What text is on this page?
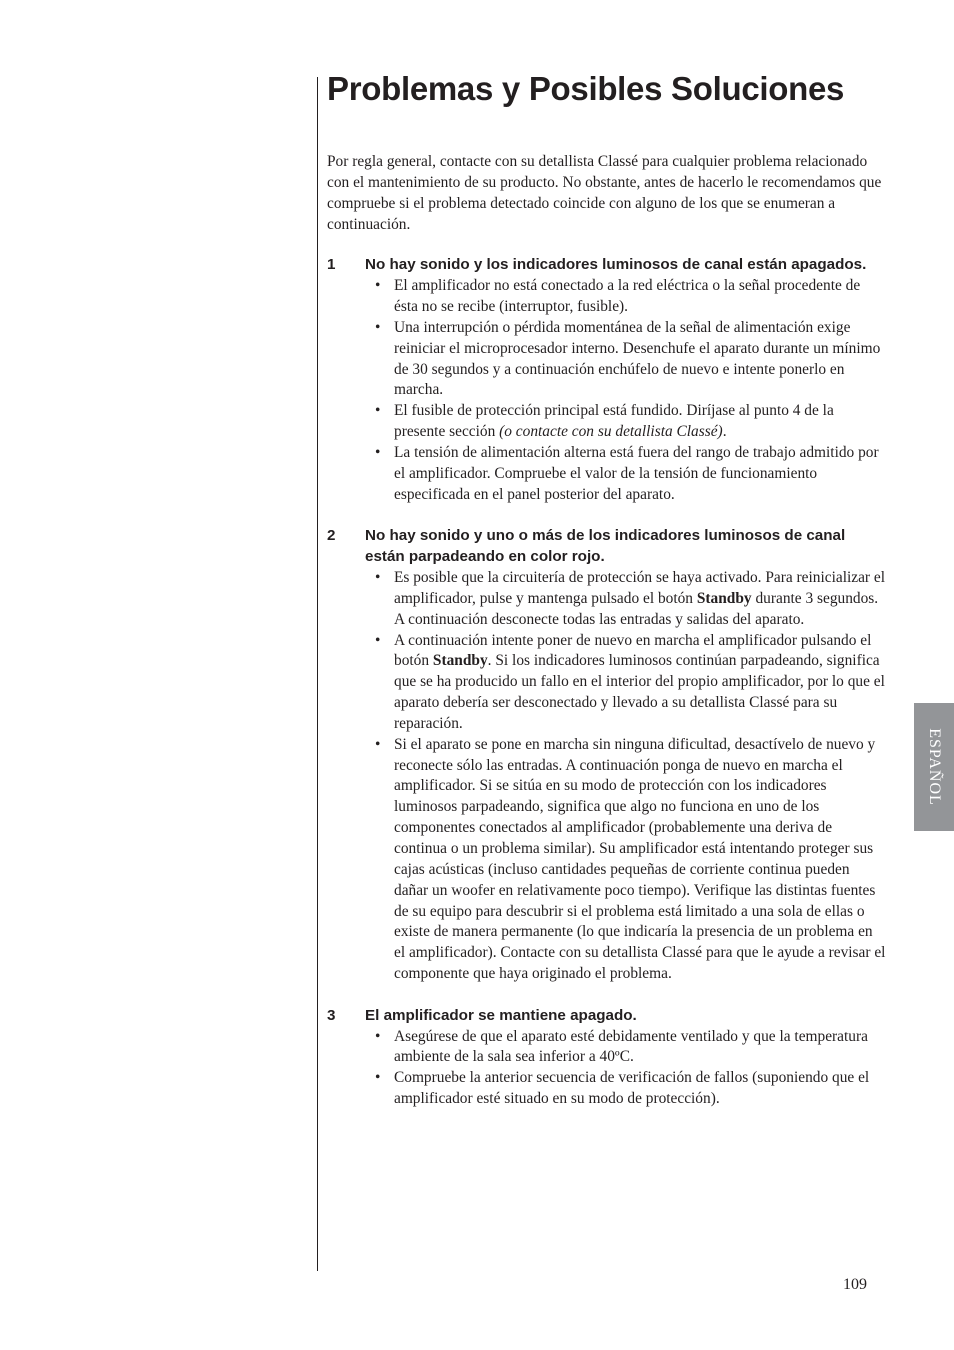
Problemas y Posibles Soluciones

Por regla general, contacte con su detallista Classé para cualquier problema relacionado con el mantenimiento de su producto. No obstante, antes de hacerlo le recomendamos que compruebe si el problema detectado coincide con alguno de los que se enumeran a continuación.

1	No hay sonido y los indicadores luminosos de canal están apagados.
• El amplificador no está conectado a la red eléctrica o la señal procedente de ésta no se recibe (interruptor, fusible).
• Una interrupción o pérdida momentánea de la señal de alimentación exige reiniciar el microprocesador interno. Desenchufe el aparato durante un mínimo de 30 segundos y a continuación enchúfelo de nuevo e intente ponerlo en marcha.
• El fusible de protección principal está fundido. Diríjase al punto 4 de la presente sección (o contacte con su detallista Classé).
• La tensión de alimentación alterna está fuera del rango de trabajo admitido por el amplificador. Compruebe el valor de la tensión de funcionamiento especificada en el panel posterior del aparato.
2	No hay sonido y uno o más de los indicadores luminosos de canal están parpadeando en color rojo.
• Es posible que la circuitería de protección se haya activado. Para reinicializar el amplificador, pulse y mantenga pulsado el botón Standby durante 3 segundos. A continuación desconecte todas las entradas y salidas del aparato.
• A continuación intente poner de nuevo en marcha el amplificador pulsando el botón Standby. Si los indicadores luminosos continúan parpadeando, significa que se ha producido un fallo en el interior del propio amplificador, por lo que el aparato debería ser desconectado y llevado a su detallista Classé para su reparación.
• Si el aparato se pone en marcha sin ninguna dificultad, desactívelo de nuevo y reconecte sólo las entradas. A continuación ponga de nuevo en marcha el amplificador. Si se sitúa en su modo de protección con los indicadores luminosos parpadeando, significa que algo no funciona en uno de los componentes conectados al amplificador (probablemente una deriva de continua o un problema similar). Su amplificador está intentando proteger sus cajas acústicas (incluso cantidades pequeñas de corriente continua pueden dañar un woofer en relativamente poco tiempo). Verifique las distintas fuentes de su equipo para descubrir si el problema está limitado a una sola de ellas o existe de manera permanente (lo que indicaría la presencia de un problema en el amplificador). Contacte con su detallista Classé para que le ayude a revisar el componente que haya originado el problema.
3	El amplificador se mantiene apagado.
• Asegúrese de que el aparato esté debidamente ventilado y que la temperatura ambiente de la sala sea inferior a 40ºC.
• Compruebe la anterior secuencia de verificación de fallos (suponiendo que el amplificador esté situado en su modo de protección).
ESPAÑOL
109
